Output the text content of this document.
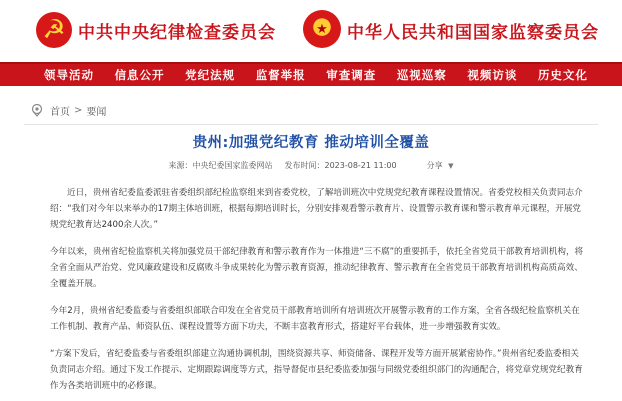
☭ 中共中央纪律检查委员会	★ 中华人民共和国国家监察委员会
领导活动 信息公开 党纪法规 监督举报 审查调查 巡视巡察 视频访谈 历史文化
首页 > 要闻
贵州:加强党纪教育 推动培训全覆盖
来源： 中央纪委国家监委网站 发布时间： 2023-08-21 11:00	分享 ▼

近日，贵州省纪委监委派驻省委组织部纪检监察组来到省委党校，了解培训班次中党规党纪教育课程设置情况。省委党校相关负责同志介绍：“我们对今年以来举办的17期主体培训班，根据每期培训时长，分别安排观看警示教育片、设置警示教育课和警示教育单元课程，开展党规党纪教育达2400余人次。”

今年以来，贵州省纪检监察机关将加强党员干部纪律教育和警示教育作为一体推进“三不腐”的重要抓手，依托全省党员干部教育培训机构，将全省全面从严治党、党风廉政建设和反腐败斗争成果转化为警示教育资源，推动纪律教育、警示教育在全省党员干部教育培训机构高质高效、全覆盖开展。

今年2月，贵州省纪委监委与省委组织部联合印发在全省党员干部教育培训所有培训班次开展警示教育的工作方案，全省各级纪检监察机关在工作机制、教育产品、师资队伍、课程设置等方面下功夫，不断丰富教育形式，搭建好平台载体，进一步增强教育实效。

“方案下发后，省纪委监委与省委组织部建立沟通协调机制，围绕资源共享、师资储备、课程开发等方面开展紧密协作。”贵州省纪委监委相关负责同志介绍。通过下发工作提示、定期跟踪调度等方式，指导督促市县纪委监委加强与同级党委组织部门的沟通配合，将党章党规党纪教育作为各类培训班中的必修课。
